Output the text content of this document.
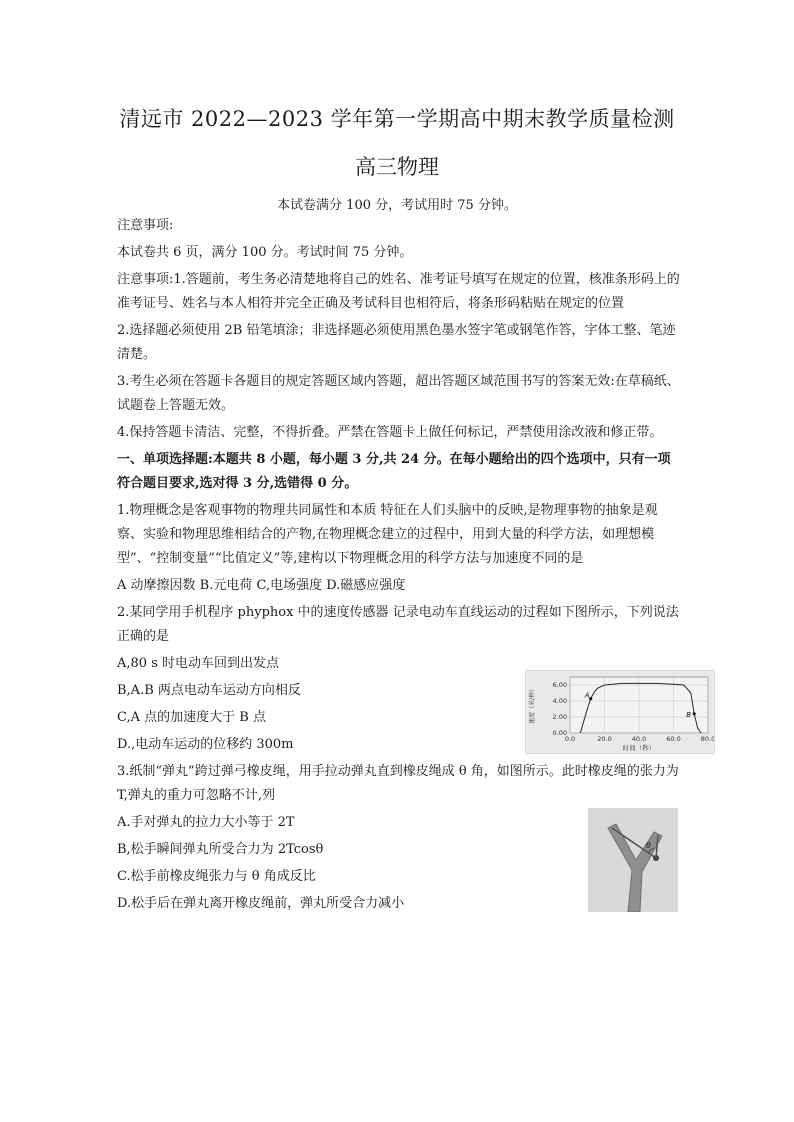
清远市 2022—2023 学年第一学期高中期末教学质量检测
高三物理
本试卷满分 100 分，考试用时 75 分钟。

注意事项:

本试卷共 6 页，满分 100 分。考试时间 75 分钟。

注意事项:1.答题前，考生务必清楚地将自己的姓名、准考证号填写在规定的位置，核准条形码上的准考证号、姓名与本人相符并完全正确及考试科目也相符后，将条形码粘贴在规定的位置

2.选择题必须使用 2B 铅笔填涂；非选择题必须使用黑色墨水签字笔或钢笔作答，字体工整、笔迹清楚。

3.考生必须在答题卡各题目的规定答题区域内答题，超出答题区域范围书写的答案无效:在草稿纸、试题卷上答题无效。

4.保持答题卡清洁、完整，不得折叠。严禁在答题卡上做任何标记，严禁使用涂改液和修正带。

一、单项选择题:本题共 8 小题，每小题 3 分,共 24 分。在每小题给出的四个选项中，只有一项符合题目要求,选对得 3 分,选错得 0 分。

1.物理概念是客观事物的物理共同属性和本质 特征在人们头脑中的反映,是物理事物的抽象是观察、实验和物理思维相结合的产物,在物理概念建立的过程中，用到大量的科学方法，如理想模型”、“控制变量”“比值定义”等,建构以下物理概念用的科学方法与加速度不同的是

A 动摩擦因数 B.元电荷 C,电场强度 D.磁感应强度

2.某同学用手机程序 phyphox 中的速度传感器 记录电动车直线运动的过程如下图所示，下列说法正确的是

A,80 s 时电动车回到出发点

B,A.B 两点电动车运动方向相反

C,A 点的加速度大于 B 点

D.,电动车运动的位移约 300m

3.纸制“弹丸”跨过弹弓橡皮绳，用手拉动弹丸直到橡皮绳成 θ 角，如图所示。此时橡皮绳的张力为 T,弹丸的重力可忽略不计,列

A.手对弹丸的拉力大小等于 2T

B,松手瞬间弹丸所受合力为 2Tcosθ

C.松手前橡皮绳张力与 θ 角成反比

D.松手后在弹丸离开橡皮绳前，弹丸所受合力减小

0.00
2.00
4.00
6.00
0.0	20.0	40.0	60.0	80.0
A
B
时间（秒）
速度（米/秒）
θ
